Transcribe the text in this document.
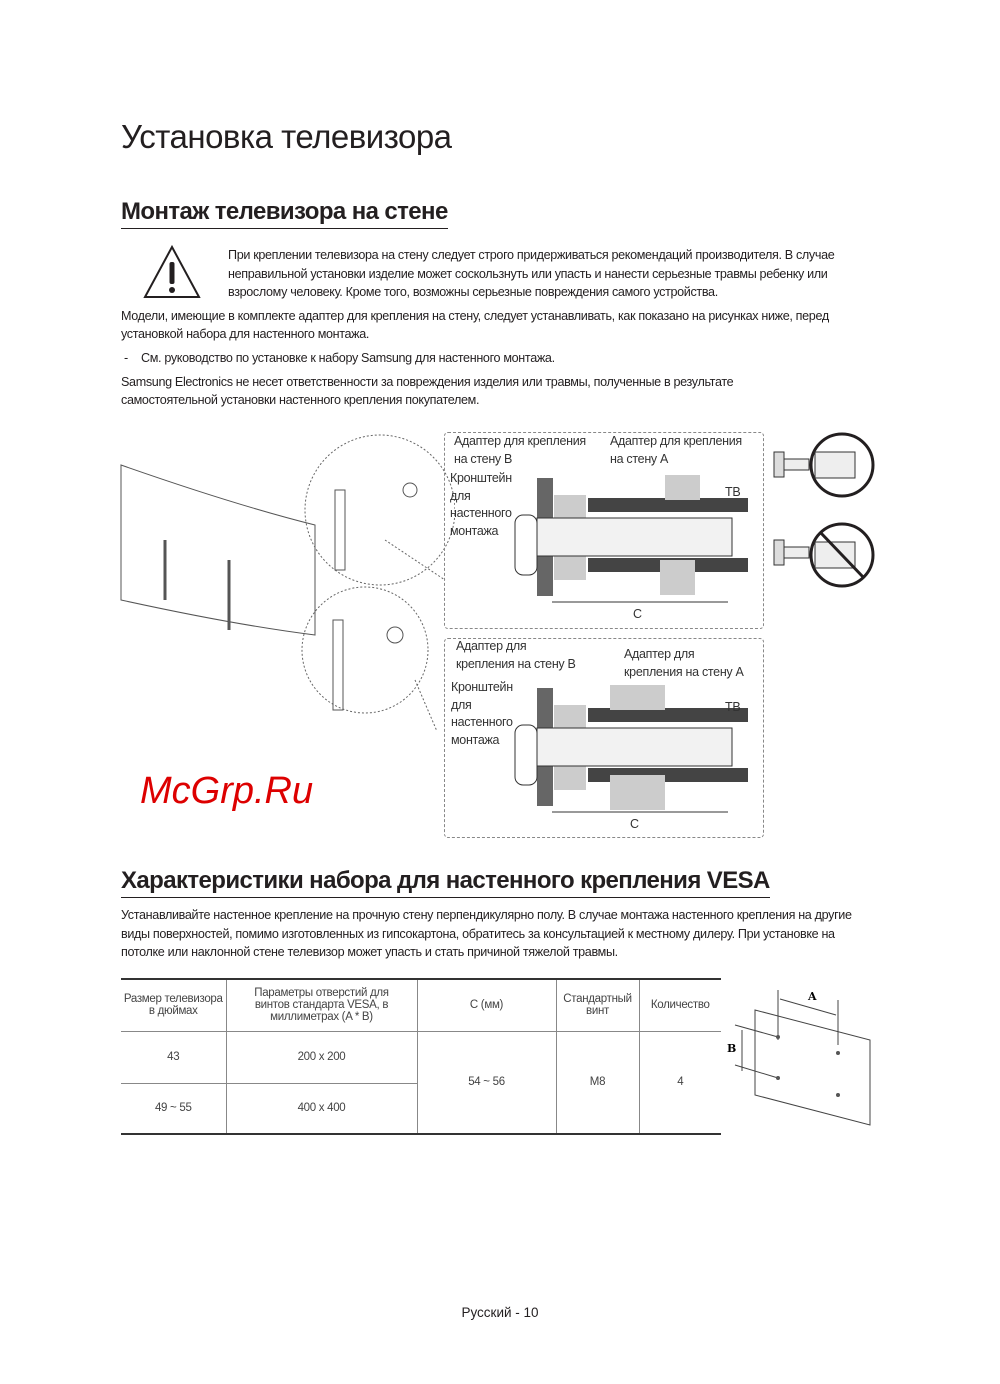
Установка телевизора
Монтаж телевизора на стене

При креплении телевизора на стену следует строго придерживаться рекомендаций производителя. В случае неправильной установки изделие может соскользнуть или упасть и нанести серьезные травмы ребенку или взрослому человеку. Кроме того, возможны серьезные повреждения самого устройства.

Модели, имеющие в комплекте адаптер для крепления на стену, следует устанавливать, как показано на рисунках ниже, перед установкой набора для настенного монтажа.

-	См. руководство по установке к набору Samsung для настенного монтажа.

Samsung Electronics не несет ответственности за повреждения изделия или травмы, полученные в результате самостоятельной установки настенного крепления покупателем.

Адаптер для крепления
на стену B
Адаптер для крепления
на стену A
Кронштейн
для
настенного
монтажа
ТВ
C
Адаптер для
крепления на стену B
Адаптер для
крепления на стену A
Кронштейн
для
настенного
монтажа
ТВ
C
McGrp.Ru
Характеристики набора для настенного крепления VESA

Устанавливайте настенное крепление на прочную стену перпендикулярно полу. В случае монтажа настенного крепления на другие виды поверхностей, помимо изготовленных из гипсокартона, обратитесь за консультацией к местному дилеру. При установке на потолке или наклонной стене телевизор может упасть и стать причиной тяжелой травмы.

Размер телевизора в дюймах	Параметры отверстий для винтов стандарта VESA, в миллиметрах (A * B)	C (мм)	Стандартный винт	Количество
43	200 x 200	54 ~ 56	M8	4
49 ~ 55	400 x 400			
A
B
Русский - 10
